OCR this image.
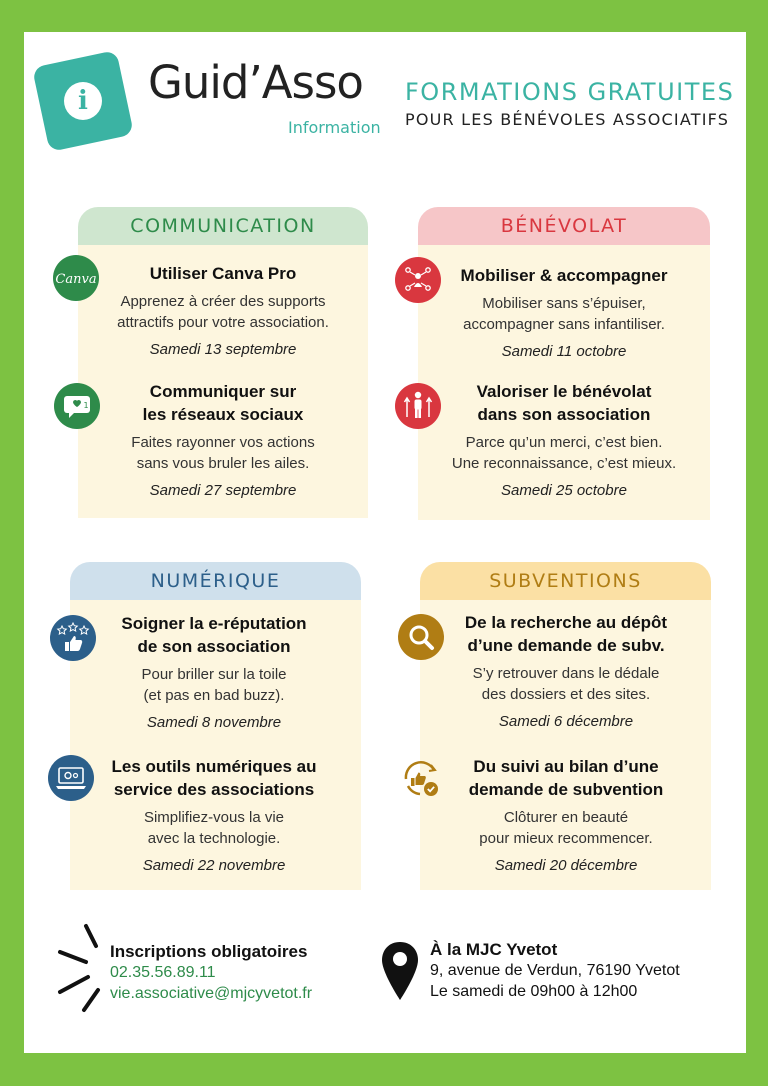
i	Guid’Asso
Information
FORMATIONS GRATUITES
POUR LES BÉNÉVOLES ASSOCIATIFS
COMMUNICATION
Canva	Utiliser Canva Pro
Apprenez à créer des supports
attractifs pour votre association.
Samedi 13 septembre
1
Communiquer sur
les réseaux sociaux
Faites rayonner vos actions
sans vous bruler les ailes.
Samedi 27 septembre
BÉNÉVOLAT
Mobiliser & accompagner
Mobiliser sans s’épuiser,
accompagner sans infantiliser.
Samedi 11 octobre
Valoriser le bénévolat
dans son association
Parce qu’un merci, c’est bien.
Une reconnaissance, c’est mieux.
Samedi 25 octobre
NUMÉRIQUE
Soigner la e-réputation
de son association
Pour briller sur la toile
(et pas en bad buzz).
Samedi 8 novembre
Les outils numériques au
service des associations
Simplifiez-vous la vie
avec la technologie.
Samedi 22 novembre
SUBVENTIONS
De la recherche au dépôt
d’une demande de subv.
S’y retrouver dans le dédale
des dossiers et des sites.
Samedi 6 décembre
Du suivi au bilan d’une
demande de subvention
Clôturer en beauté
pour mieux recommencer.
Samedi 20 décembre
Inscriptions obligatoires
02.35.56.89.11
vie.associative@mjcyvetot.fr
À la MJC Yvetot
9, avenue de Verdun, 76190 Yvetot
Le samedi de 09h00 à 12h00
